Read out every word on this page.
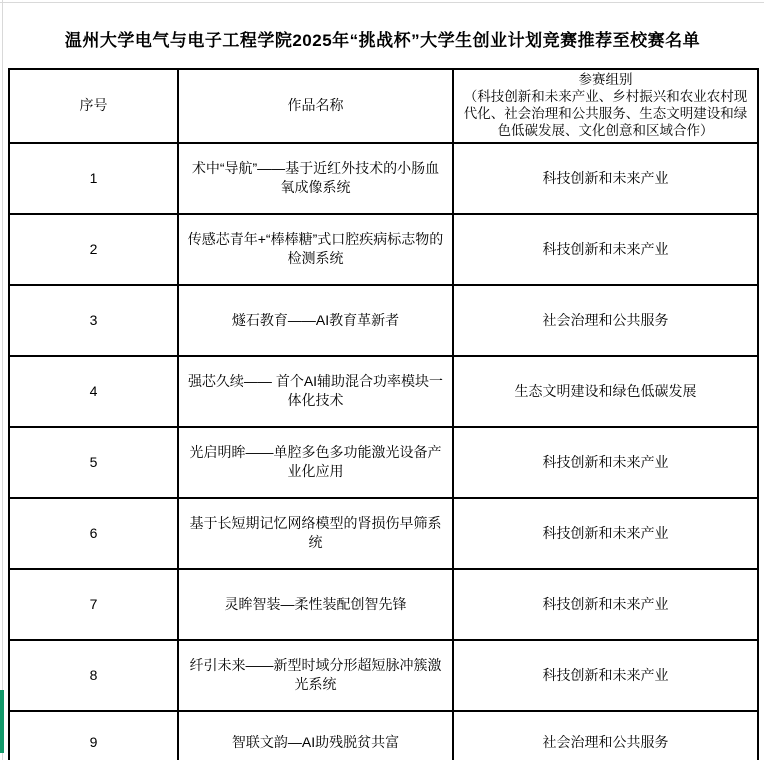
温州大学电气与电子工程学院2025年“挑战杯”大学生创业计划竞赛推荐至校赛名单
序号	作品名称	参赛组别
（科技创新和未来产业、乡村振兴和农业农村现代化、社会治理和公共服务、生态文明建设和绿色低碳发展、文化创意和区域合作）

1	术中“导航”——基于近红外技术的小肠血氧成像系统	科技创新和未来产业
2	传感芯青年+“棒棒糖”式口腔疾病标志物的检测系统	科技创新和未来产业
3	燧石教育——AI教育革新者	社会治理和公共服务
4	强芯久续—— 首个AI辅助混合功率模块一体化技术	生态文明建设和绿色低碳发展
5	光启明眸——单腔多色多功能激光设备产业化应用	科技创新和未来产业
6	基于长短期记忆网络模型的肾损伤早筛系统	科技创新和未来产业
7	灵眸智装—柔性装配创智先锋	科技创新和未来产业
8	纤引未来——新型时域分形超短脉冲簇激光系统	科技创新和未来产业
9	智联文韵—AI助残脱贫共富	社会治理和公共服务
